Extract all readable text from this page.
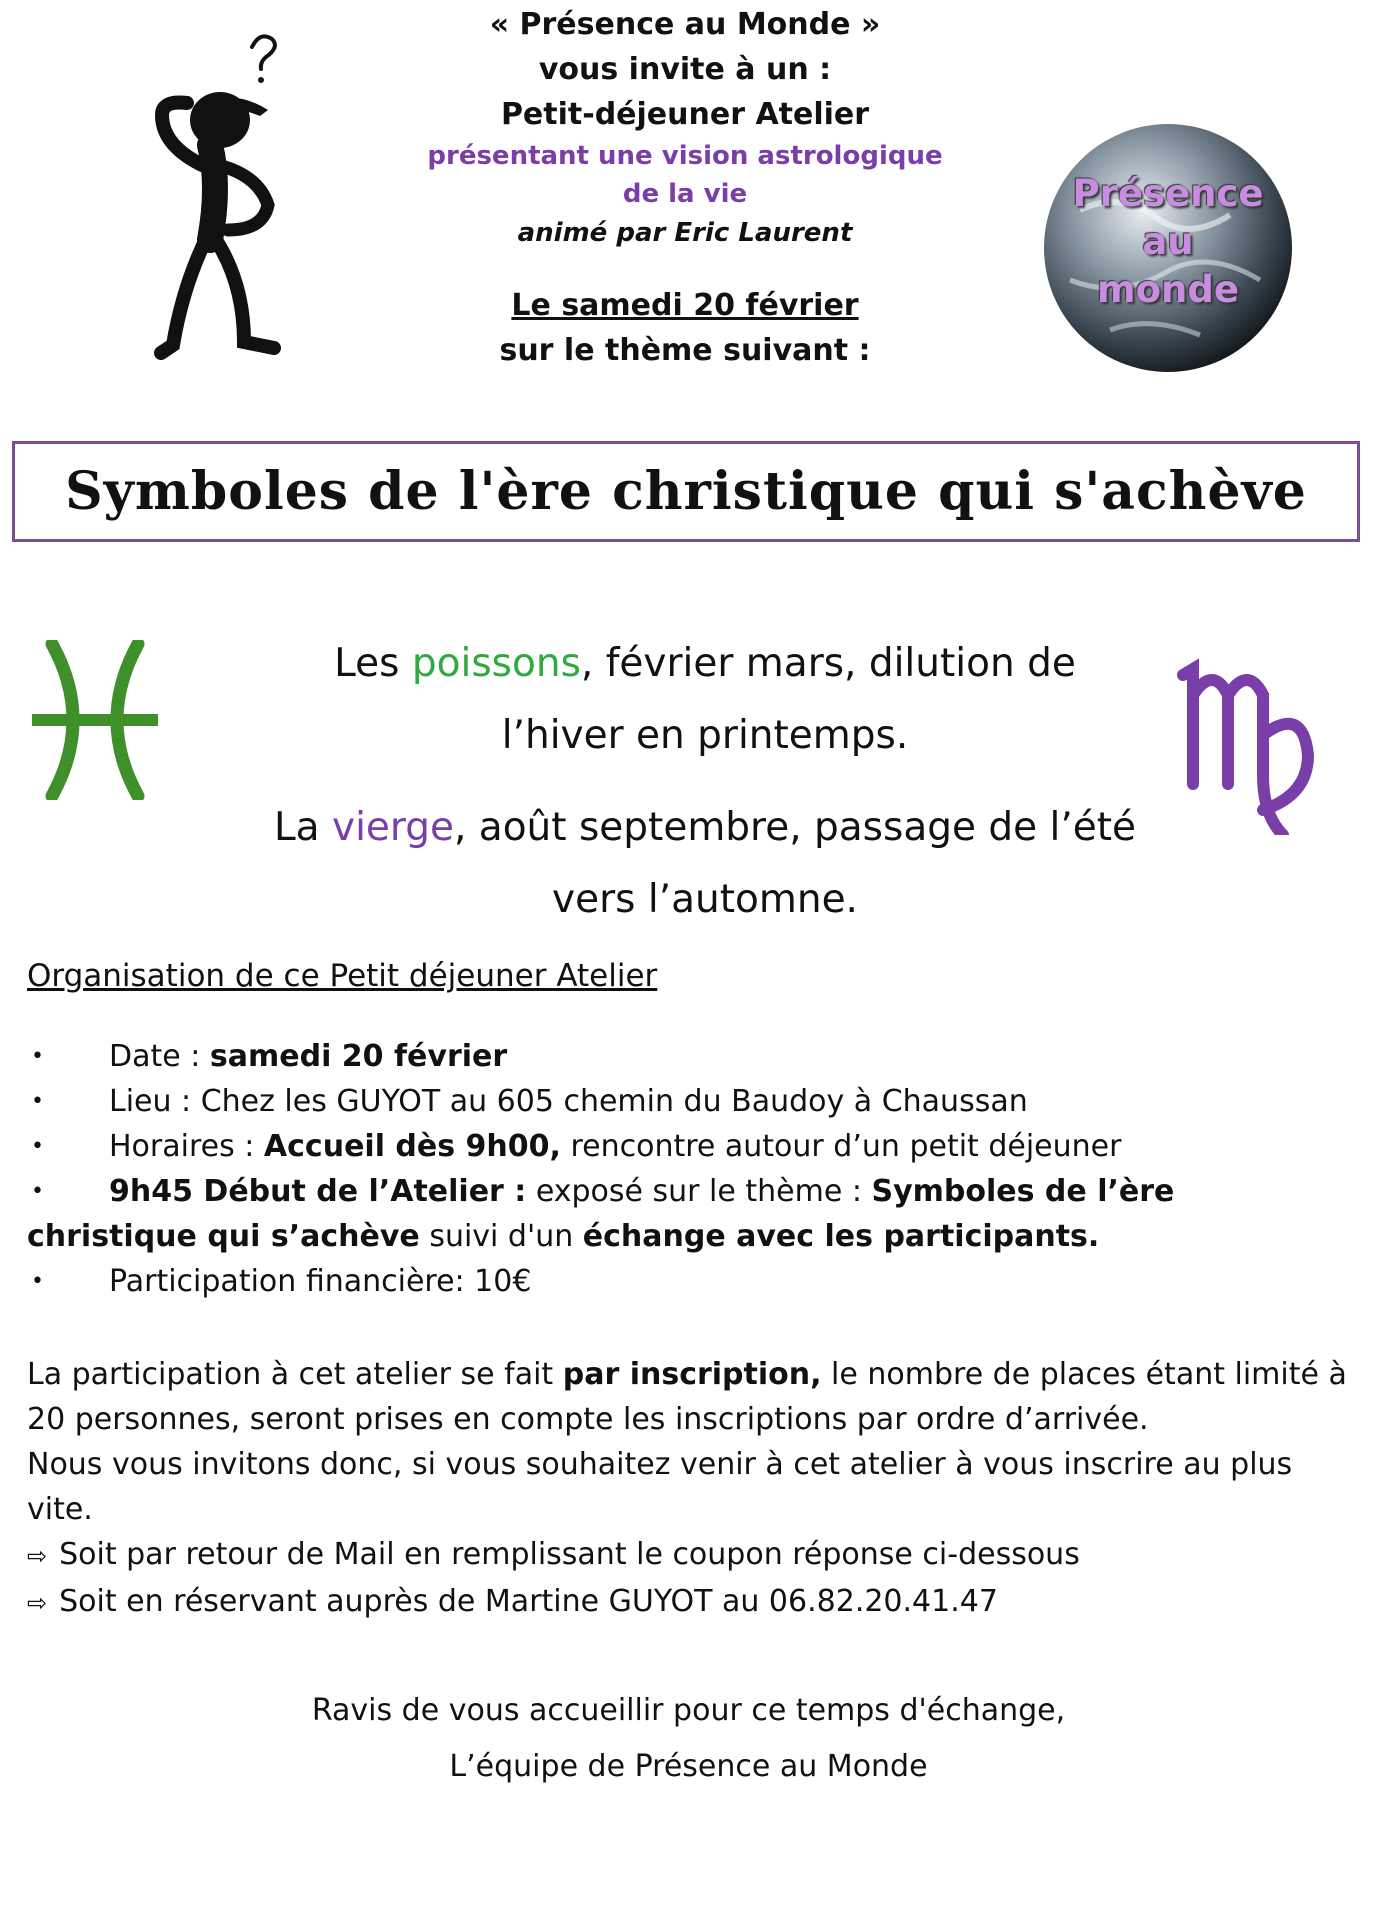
« Présence au Monde »
vous invite à un :
Petit-déjeuner Atelier
présentant une vision astrologique
de la vie
animé par Eric Laurent
Le samedi 20 février
sur le thème suivant :
Présence
au
monde
Symboles de l'ère christique qui s'achève
Les poissons, février mars, dilution de
l’hiver en printemps.
La vierge, août septembre, passage de l’été
vers l’automne.
Organisation de ce Petit déjeuner Atelier
• Date : samedi 20 février
• Lieu : Chez les GUYOT au 605 chemin du Baudoy à Chaussan
• Horaires : Accueil dès 9h00, rencontre autour d’un petit déjeuner
• 9h45 Début de l’Atelier : exposé sur le thème : Symboles de l’ère christique qui s’achève suivi d'un échange avec les participants.
• Participation financière: 10€
La participation à cet atelier se fait par inscription, le nombre de places étant limité à 20 personnes, seront prises en compte les inscriptions par ordre d’arrivée.
Nous vous invitons donc, si vous souhaitez venir à cet atelier à vous inscrire au plus vite.
⇨ Soit par retour de Mail en remplissant le coupon réponse ci-dessous
⇨ Soit en réservant auprès de Martine GUYOT au 06.82.20.41.47
Ravis de vous accueillir pour ce temps d'échange,
L’équipe de Présence au Monde
